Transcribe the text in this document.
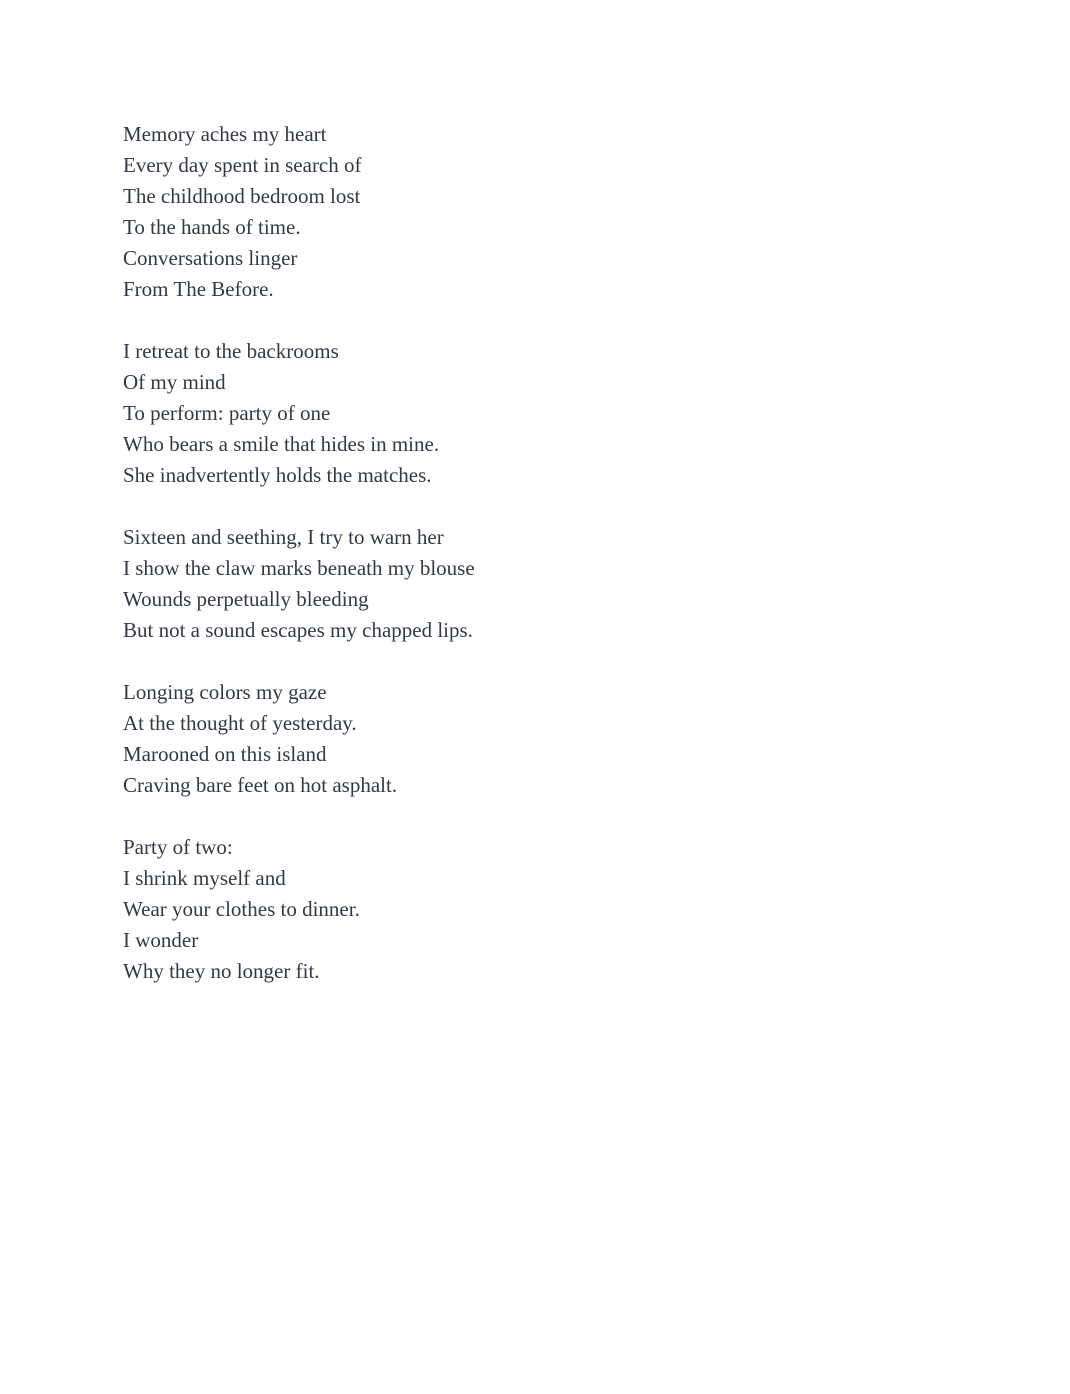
Memory aches my heart
Every day spent in search of
The childhood bedroom lost
To the hands of time.
Conversations linger
From The Before.
I retreat to the backrooms
Of my mind
To perform: party of one
Who bears a smile that hides in mine.
She inadvertently holds the matches.
Sixteen and seething, I try to warn her
I show the claw marks beneath my blouse
Wounds perpetually bleeding
But not a sound escapes my chapped lips.
Longing colors my gaze
At the thought of yesterday.
Marooned on this island
Craving bare feet on hot asphalt.
Party of two:
I shrink myself and
Wear your clothes to dinner.
I wonder
Why they no longer fit.
